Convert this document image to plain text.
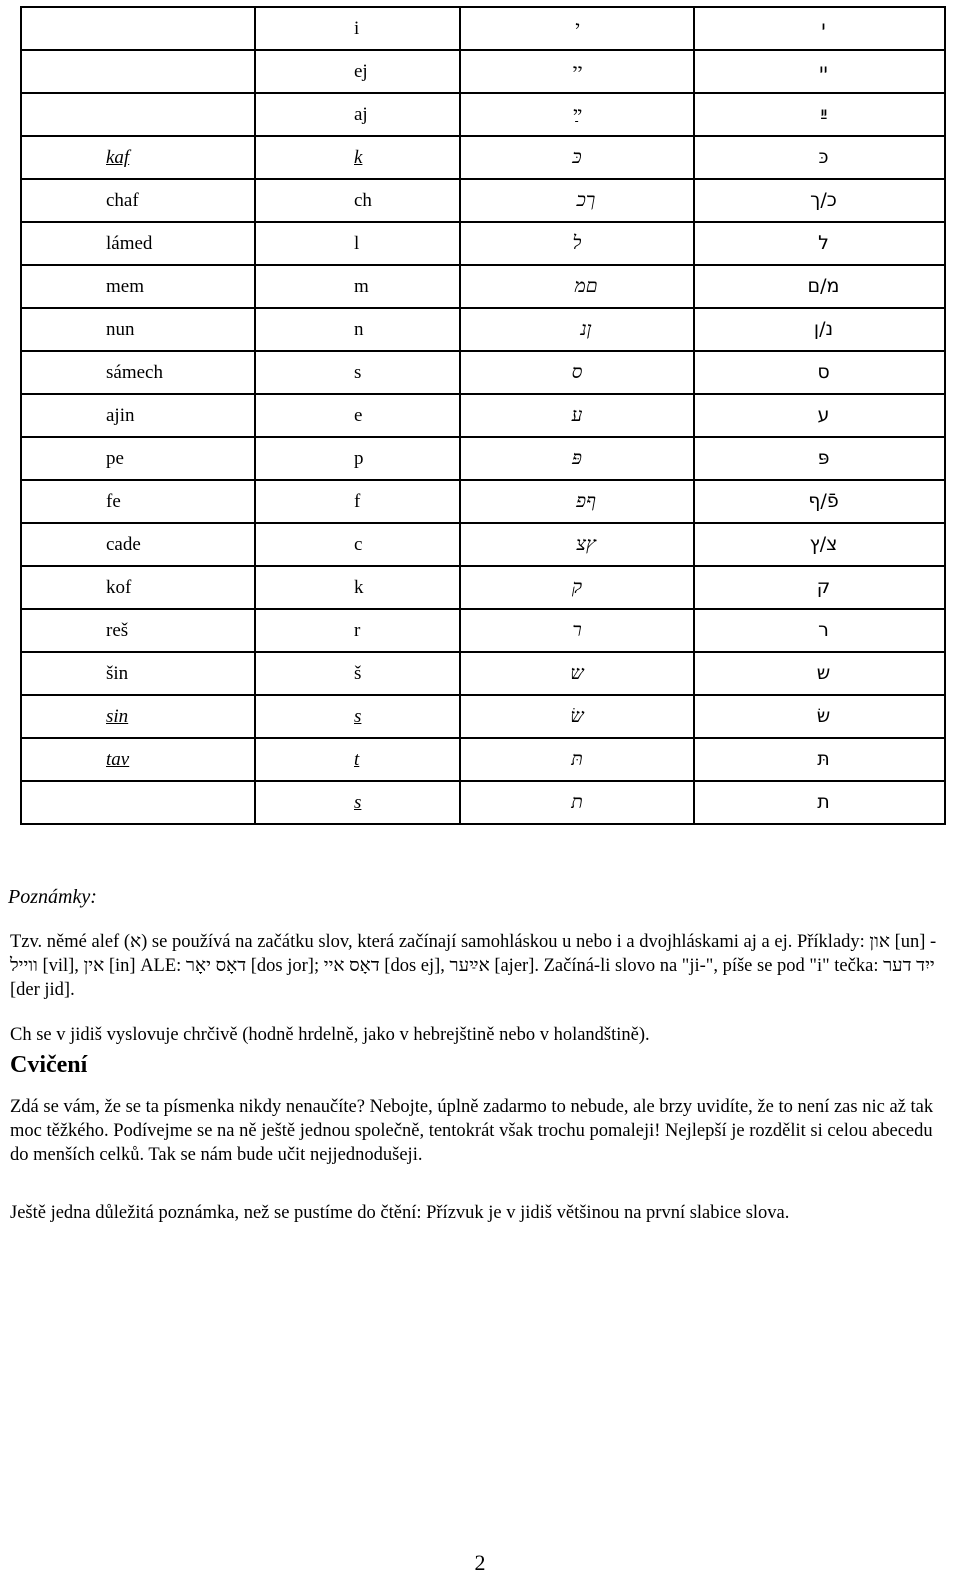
	i	י	י
	ej	יי	יי
	aj	ײַ	ײַ
kaf	k	כּ	כּ
chaf	ch	ךכ	כ/ך
lámed	l	ל	ל
mem	m	םמ	מ/ם
nun	n	ןנ	נ/ן
sámech	s	ס	ס
ajin	e	ע	ע
pe	p	פּ	פּ
fe	f	ףפ	פֿ/ף
cade	c	ץצ	צ/ץ
kof	k	ק	ק
reš	r	ר	ר
šin	š	ש	ש
sin	s	שׂ	שׂ
tav	t	תּ	תּ
	s	ת	ת
Poznámky:

Tzv. němé alef (א) se používá na začátku slov, která začínají samohláskou u nebo i a dvojhláskami aj a ej. Příklady: און [un] - ווייל [vil], אין [in] ALE: דאָס יאָר [dos jor]; דאָס איי [dos ej], אײַער [ajer]. Začíná-li slovo na "ji-", píše se pod "i" tečka: ייִד דער [der jid].

Ch se v jidiš vyslovuje chrčivě (hodně hrdelně, jako v hebrejštině nebo v holandštině).

Cvičení

Zdá se vám, že se ta písmenka nikdy nenaučíte? Nebojte, úplně zadarmo to nebude, ale brzy uvidíte, že to není zas nic až tak moc těžkého. Podívejme se na ně ještě jednou společně, tentokrát však trochu pomaleji! Nejlepší je rozdělit si celou abecedu do menších celků. Tak se nám bude učit nejjednodušeji.

Ještě jedna důležitá poznámka, než se pustíme do čtění: Přízvuk je v jidiš většinou na první slabice slova.

2
